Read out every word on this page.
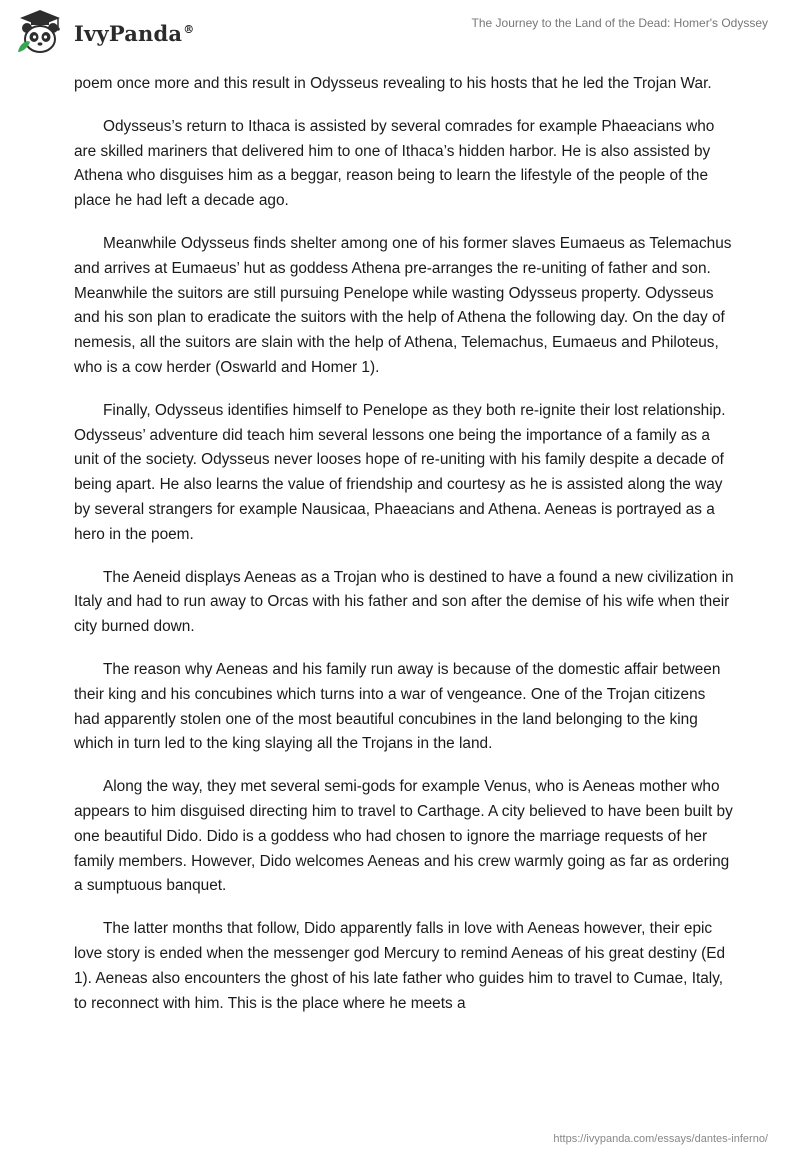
IvyPanda®	The Journey to the Land of the Dead: Homer's Odyssey

poem once more and this result in Odysseus revealing to his hosts that he led the Trojan War.

Odysseus’s return to Ithaca is assisted by several comrades for example Phaeacians who are skilled mariners that delivered him to one of Ithaca’s hidden harbor. He is also assisted by Athena who disguises him as a beggar, reason being to learn the lifestyle of the people of the place he had left a decade ago.

Meanwhile Odysseus finds shelter among one of his former slaves Eumaeus as Telemachus and arrives at Eumaeus’ hut as goddess Athena pre-arranges the re-uniting of father and son. Meanwhile the suitors are still pursuing Penelope while wasting Odysseus property. Odysseus and his son plan to eradicate the suitors with the help of Athena the following day. On the day of nemesis, all the suitors are slain with the help of Athena, Telemachus, Eumaeus and Philoteus, who is a cow herder (Oswarld and Homer 1).

Finally, Odysseus identifies himself to Penelope as they both re-ignite their lost relationship. Odysseus’ adventure did teach him several lessons one being the importance of a family as a unit of the society. Odysseus never looses hope of re-uniting with his family despite a decade of being apart. He also learns the value of friendship and courtesy as he is assisted along the way by several strangers for example Nausicaa, Phaeacians and Athena. Aeneas is portrayed as a hero in the poem.

The Aeneid displays Aeneas as a Trojan who is destined to have a found a new civilization in Italy and had to run away to Orcas with his father and son after the demise of his wife when their city burned down.

The reason why Aeneas and his family run away is because of the domestic affair between their king and his concubines which turns into a war of vengeance. One of the Trojan citizens had apparently stolen one of the most beautiful concubines in the land belonging to the king which in turn led to the king slaying all the Trojans in the land.

Along the way, they met several semi-gods for example Venus, who is Aeneas mother who appears to him disguised directing him to travel to Carthage. A city believed to have been built by one beautiful Dido. Dido is a goddess who had chosen to ignore the marriage requests of her family members. However, Dido welcomes Aeneas and his crew warmly going as far as ordering a sumptuous banquet.

The latter months that follow, Dido apparently falls in love with Aeneas however, their epic love story is ended when the messenger god Mercury to remind Aeneas of his great destiny (Ed 1). Aeneas also encounters the ghost of his late father who guides him to travel to Cumae, Italy, to reconnect with him. This is the place where he meets a

https://ivypanda.com/essays/dantes-inferno/
